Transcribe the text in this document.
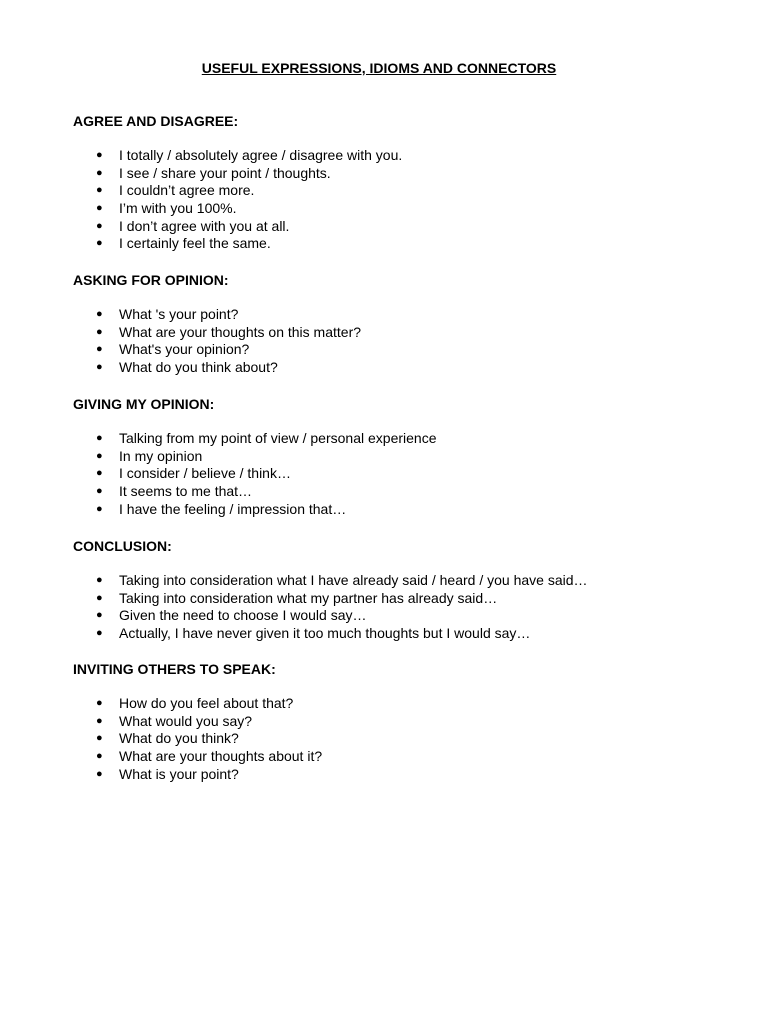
USEFUL EXPRESSIONS, IDIOMS AND CONNECTORS
AGREE AND DISAGREE:
● I totally / absolutely agree / disagree with you.
● I see / share your point / thoughts.
● I couldn’t agree more.
● I’m with you 100%.
● I don’t agree with you at all.
● I certainly feel the same.
ASKING FOR OPINION:
● What 's your point?
● What are your thoughts on this matter?
● What's your opinion?
● What do you think about?
GIVING MY OPINION:
● Talking from my point of view / personal experience
● In my opinion
● I consider / believe / think…
● It seems to me that…
● I have the feeling / impression that…
CONCLUSION:
● Taking into consideration what I have already said / heard / you have said…
● Taking into consideration what my partner has already said…
● Given the need to choose I would say…
● Actually, I have never given it too much thoughts but I would say…
INVITING OTHERS TO SPEAK:
● How do you feel about that?
● What would you say?
● What do you think?
● What are your thoughts about it?
● What is your point?
